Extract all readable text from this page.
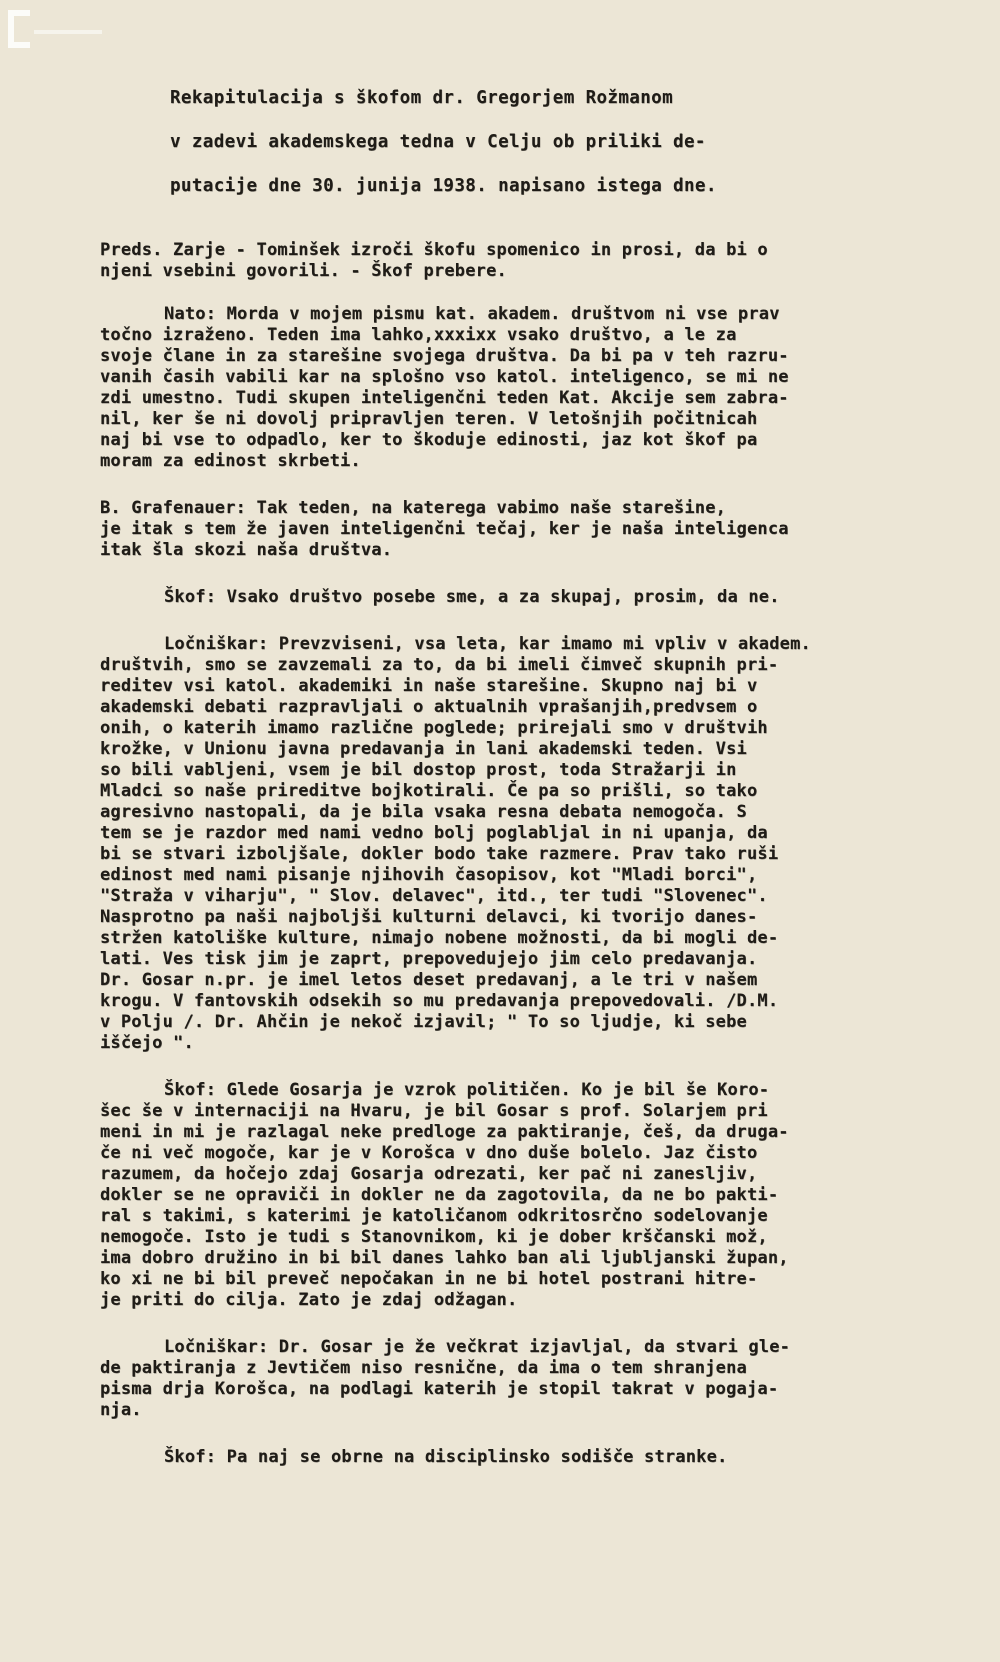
Rekapitulacija s škofom dr. Gregorjem Rožmanom
v zadevi akademskega tedna v Celju ob priliki de-
putacije dne 30. junija 1938. napisano istega dne.
Preds. Zarje - Tominšek izroči škofu spomenico in prosi, da bi o
njeni vsebini govorili. - Škof prebere.
Nato: Morda v mojem pismu kat. akadem. društvom ni vse prav
točno izraženo. Teden ima lahko,xxxixx vsako društvo, a le za
svoje člane in za starešine svojega društva. Da bi pa v teh razru-
vanih časih vabili kar na splošno vso katol. inteligenco, se mi ne
zdi umestno. Tudi skupen inteligenčni teden Kat. Akcije sem zabra-
nil, ker še ni dovolj pripravljen teren. V letošnjih počitnicah
naj bi vse to odpadlo, ker to škoduje edinosti, jaz kot škof pa
moram za edinost skrbeti.
B. Grafenauer: Tak teden, na katerega vabimo naše starešine,
je itak s tem že javen inteligenčni tečaj, ker je naša inteligenca
itak šla skozi naša društva.
Škof: Vsako društvo posebe sme, a za skupaj, prosim, da ne.
Ločniškar: Prevzviseni, vsa leta, kar imamo mi vpliv v akadem.
društvih, smo se zavzemali za to, da bi imeli čimveč skupnih pri-
reditev vsi katol. akademiki in naše starešine. Skupno naj bi v
akademski debati razpravljali o aktualnih vprašanjih,predvsem o
onih, o katerih imamo različne poglede; prirejali smo v društvih
krožke, v Unionu javna predavanja in lani akademski teden. Vsi
so bili vabljeni, vsem je bil dostop prost, toda Stražarji in
Mladci so naše prireditve bojkotirali. Če pa so prišli, so tako
agresivno nastopali, da je bila vsaka resna debata nemogoča. S
tem se je razdor med nami vedno bolj poglabljal in ni upanja, da
bi se stvari izboljšale, dokler bodo take razmere. Prav tako ruši
edinost med nami pisanje njihovih časopisov, kot "Mladi borci",
"Straža v viharju", " Slov. delavec", itd., ter tudi "Slovenec".
Nasprotno pa naši najboljši kulturni delavci, ki tvorijo danes-
stržen katoliške kulture, nimajo nobene možnosti, da bi mogli de-
lati. Ves tisk jim je zaprt, prepovedujejo jim celo predavanja.
Dr. Gosar n.pr. je imel letos deset predavanj, a le tri v našem
krogu. V fantovskih odsekih so mu predavanja prepovedovali. /D.M.
v Polju /. Dr. Ahčin je nekoč izjavil; " To so ljudje, ki sebe
iščejo ".
Škof: Glede Gosarja je vzrok političen. Ko je bil še Koro-
šec še v internaciji na Hvaru, je bil Gosar s prof. Solarjem pri
meni in mi je razlagal neke predloge za paktiranje, češ, da druga-
če ni več mogoče, kar je v Korošca v dno duše bolelo. Jaz čisto
razumem, da hočejo zdaj Gosarja odrezati, ker pač ni zanesljiv,
dokler se ne opraviči in dokler ne da zagotovila, da ne bo pakti-
ral s takimi, s katerimi je katoličanom odkritosrčno sodelovanje
nemogoče. Isto je tudi s Stanovnikom, ki je dober krščanski mož,
ima dobro družino in bi bil danes lahko ban ali ljubljanski župan,
ko xi ne bi bil preveč nepočakan in ne bi hotel postrani hitre-
je priti do cilja. Zato je zdaj odžagan.
Ločniškar: Dr. Gosar je že večkrat izjavljal, da stvari gle-
de paktiranja z Jevtičem niso resnične, da ima o tem shranjena
pisma drja Korošca, na podlagi katerih je stopil takrat v pogaja-
nja.
Škof: Pa naj se obrne na disciplinsko sodišče stranke.
